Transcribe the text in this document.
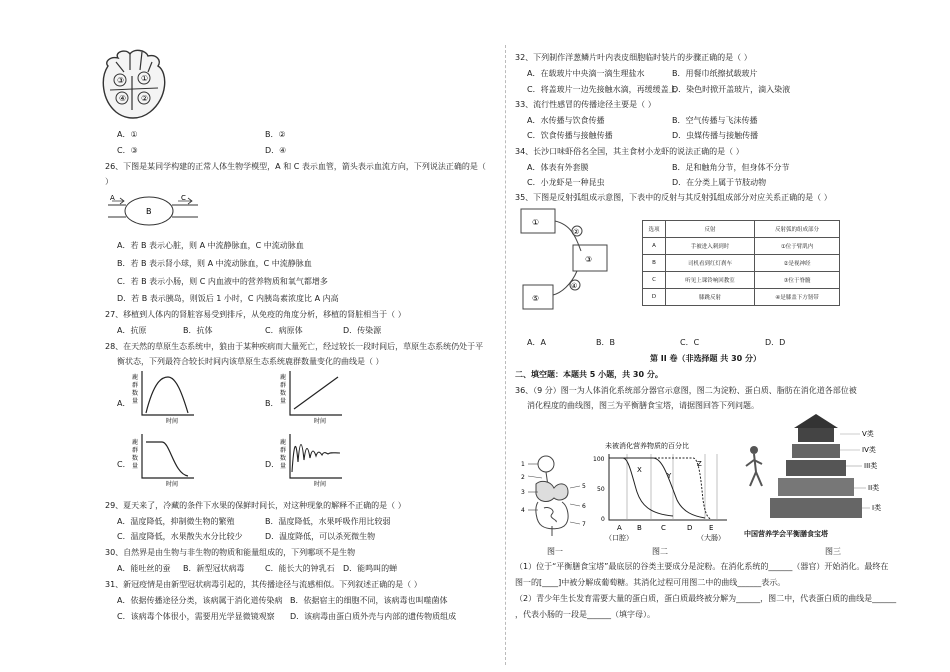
③ ①
④ ②
A．①	B．②
C．③	D．④
26、下图是某同学构建的正常人体生物学模型，A 和 C 表示血管，箭头表示血流方向，下列说法正确的是（
）
A
B
C
A．若 B 表示心脏，则 A 中流静脉血，C 中流动脉血
B．若 B 表示肾小球，则 A 中流动脉血，C 中流静脉血
C．若 B 表示小肠，则 C 内血液中的营养物质和氧气都增多
D．若 B 表示胰岛，则饭后 1 小时，C 内胰岛素浓度比 A 内高
27、移植到人体内的肾脏容易受到排斥，从免疫的角度分析，移植的肾脏相当于（ ）
A．抗原	B．抗体	C．病原体	D．传染源
28、在天然的草原生态系统中，狼由于某种疾病而大量死亡，经过较长一段时间后，草原生态系统仍处于平
衡状态，下列最符合较长时间内该草原生态系统鹿群数量变化的曲线是（ ）
A．
鹿
群
数
量
时间
B．
鹿
群
数
量
时间
C．
鹿
群
数
量
时间
D．
鹿
群
数
量
时间
29、夏天来了，冷藏的条件下水果的保鲜时间长，对这种现象的解释不正确的是（ ）
A．温度降低，抑制微生物的繁殖	B．温度降低，水果呼吸作用比较弱
C．温度降低，水果散失水分比较少	D．温度降低，可以杀死微生物
30、自然界是由生物与非生物的物质和能量组成的，下列哪项不是生物
A．能吐丝的蚕 B．新型冠状病毒	C．能长大的钟乳石 D．能鸣叫的蝉
31、新冠疫情是由新型冠状病毒引起的，其传播途径与流感相似。下列叙述正确的是（ ）
A．依据传播途径分类，该病属于消化道传染病 B．依据宿主的细胞不同，该病毒也叫噬菌体
C．该病毒个体很小，需要用光学显微镜观察 D．该病毒由蛋白质外壳与内部的遗传物质组成
32、下列制作洋葱鳞片叶内表皮细胞临时装片的步骤正确的是（ ）
A．在载玻片中央滴一滴生理盐水	B．用餐巾纸擦拭载玻片
C．将盖玻片一边先接触水滴，再缓缓盖上
D．染色时掀开盖玻片，滴入染液
33、流行性感冒的传播途径主要是（ ）
A．水传播与饮食传播	B．空气传播与飞沫传播
C．饮食传播与接触传播	D．虫媒传播与接触传播
34、长沙口味虾俗名全国，其主食材小龙虾的说法正确的是（ ）
A．体表有外套膜	B．足和触角分节，但身体不分节
C．小龙虾是一种昆虫	D．在分类上属于节肢动物
35、下图是反射弧组成示意图，下表中的反射与其反射弧组成部分对应关系正确的是（ ）
①
②
③
④
⑤
选项	反射	反射弧的组成部分
A	手被进入刺到时	①位于臂肌内
B	司机看到红灯刹车	②是视神经
C	听见上课铃响回教室	③位于脊髓
D	膝跳反射	④是膝盖下方韧带
A．A	B．B	C．C	D．D
第 II 卷（非选择题 共 30 分）
二、填空题：本题共 5 小题，共 30 分。
36、（9 分）图一为人体消化系统部分器官示意图，图二为淀粉、蛋白质、脂肪在消化道各部位被
消化程度的曲线图，图三为平衡膳食宝塔，请据图回答下列问题。
1
2
3
4
5
6
7
图一
未被消化营养物质的百分比
100
50
0
X
Y
Z
A B	C	D E
（口腔）	（大肠）
图二
V类
IV类
III类
II类
I类
中国营养学会平衡膳食宝塔
图三
（1）位于“平衡膳食宝塔”最底层的谷类主要成分是淀粉。在消化系统的______（器官）开始消化。最终在
图一的[____]中被分解成葡萄糖。其消化过程可用图二中的曲线______表示。
（2）青少年生长发育需要大量的蛋白质，蛋白质最终被分解为______，图二中，代表蛋白质的曲线是______
，代表小肠的一段是______（填字母）。
